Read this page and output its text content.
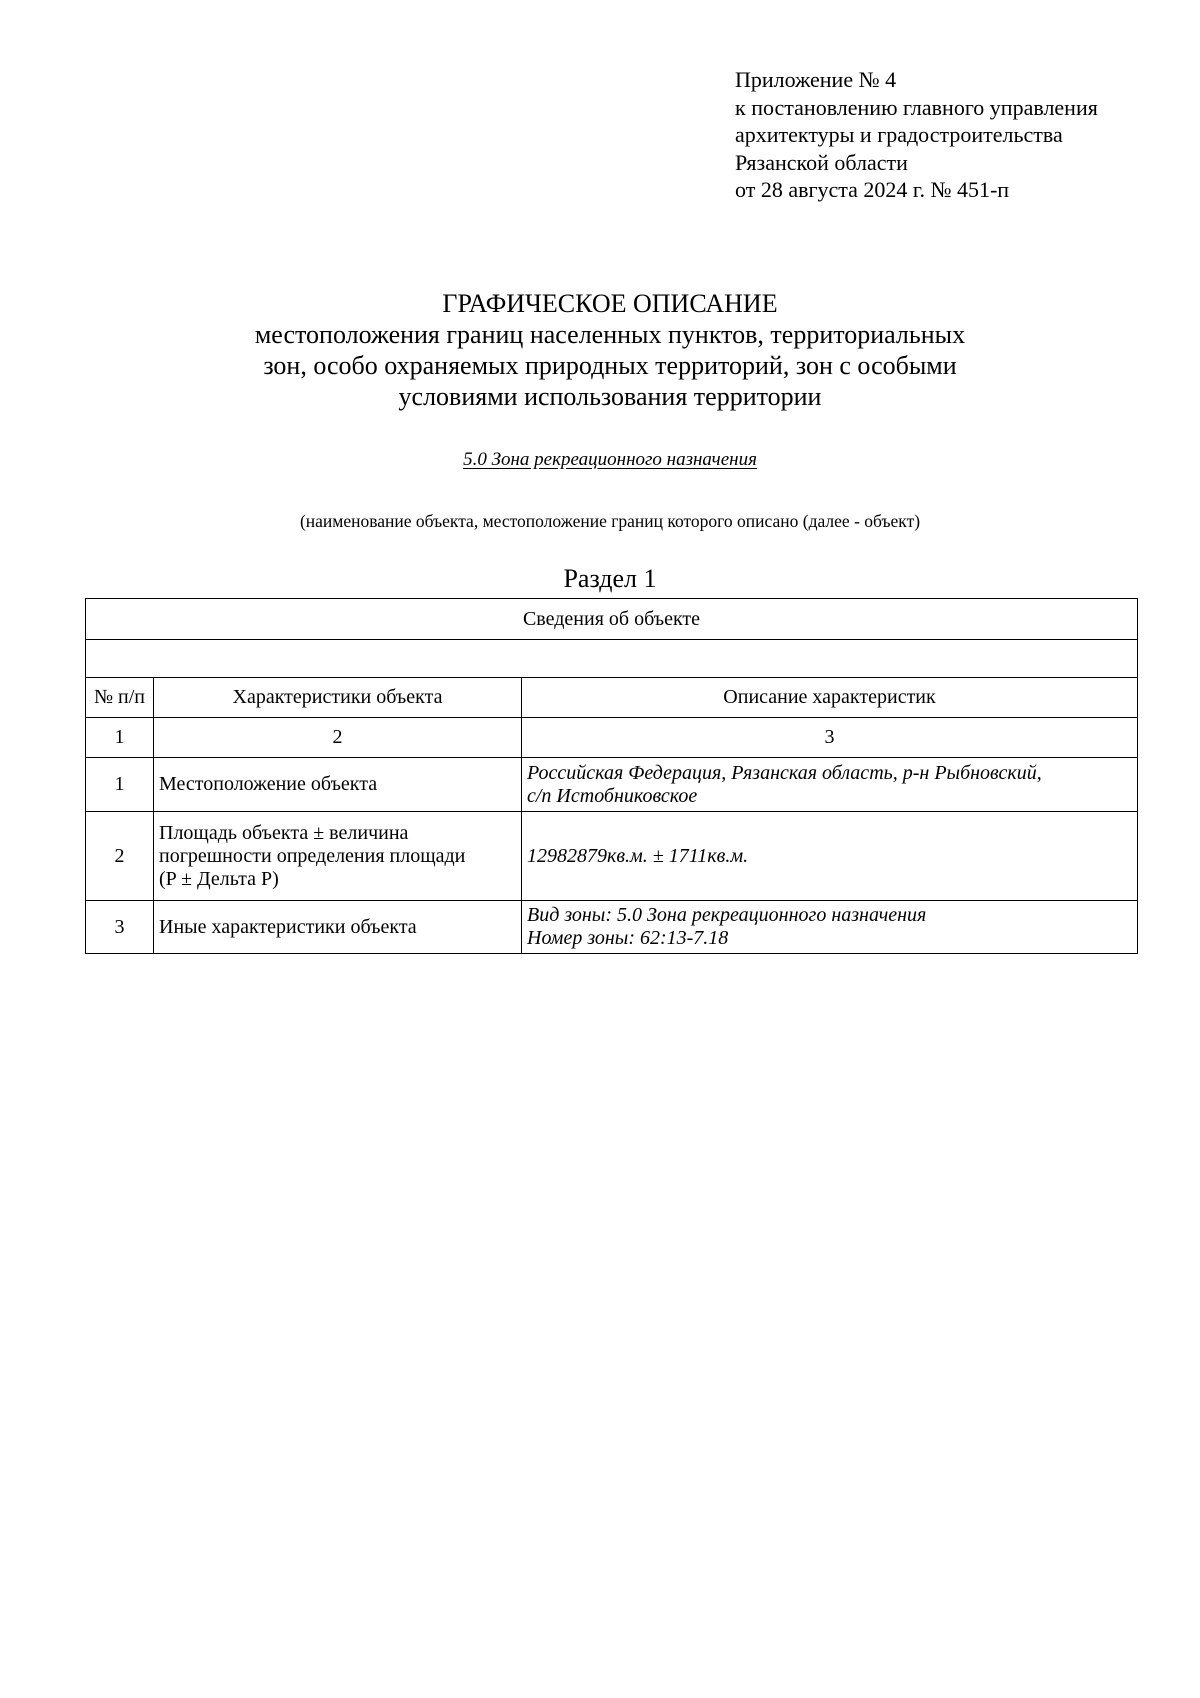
Приложение № 4
к постановлению главного управления
архитектуры и градостроительства
Рязанской области
от 28 августа 2024 г. № 451-п
ГРАФИЧЕСКОЕ ОПИСАНИЕ
местоположения границ населенных пунктов, территориальных
зон, особо охраняемых природных территорий, зон с особыми
условиями использования территории
5.0 Зона рекреационного назначения
(наименование объекта, местоположение границ которого описано (далее - объект)
Раздел 1
Сведения об объекте		

№ п/п	Характеристики объекта	Описание характеристик
1	2	3
1	Местоположение объекта	Российская Федерация, Рязанская область, р-н Рыбновский,
с/п Истобниковское

2	Площадь объекта ± величина
погрешности определения площади
(P ± Дельта P)	12982879кв.м. ± 1711кв.м.

3	Иные характеристики объекта	Вид зоны: 5.0 Зона рекреационного назначения
Номер зоны: 62:13-7.18
